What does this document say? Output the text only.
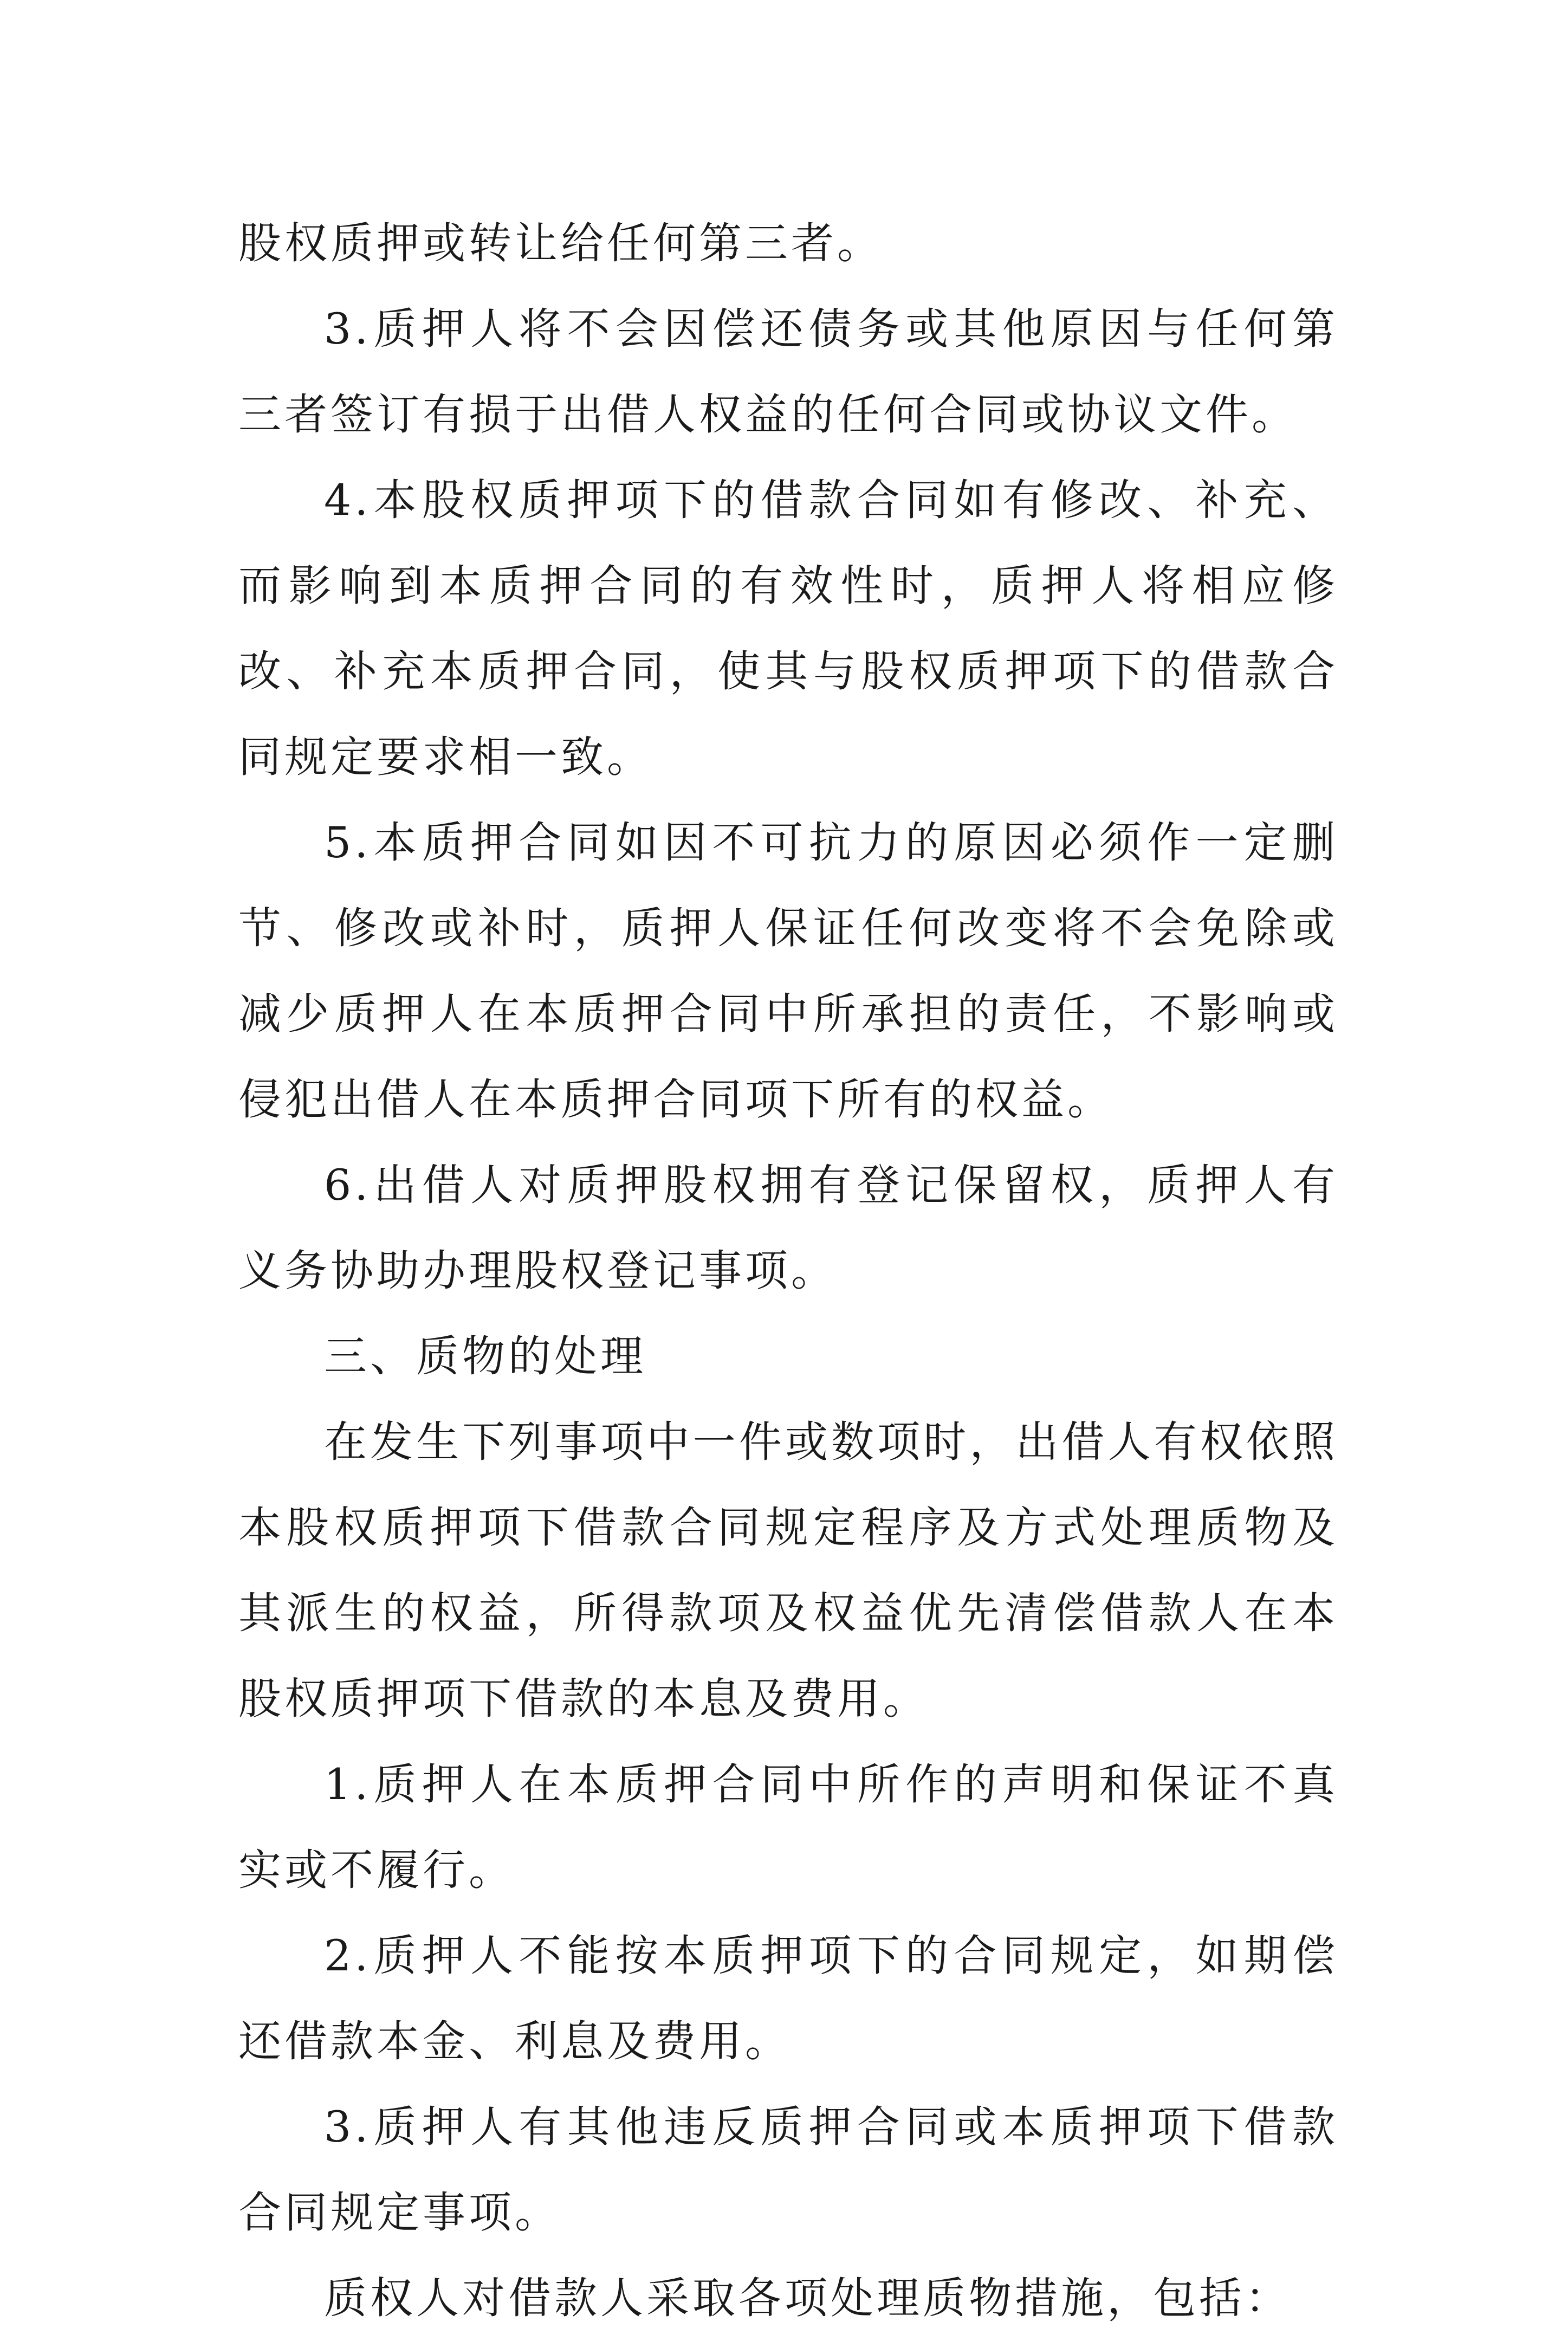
股权质押或转让给任何第三者。

3.质押人将不会因偿还债务或其他原因与任何第三者签订有损于出借人权益的任何合同或协议文件。

4.本股权质押项下的借款合同如有修改、补充、而影响到本质押合同的有效性时，质押人将相应修改、补充本质押合同，使其与股权质押项下的借款合同规定要求相一致。

5.本质押合同如因不可抗力的原因必须作一定删节、修改或补时，质押人保证任何改变将不会免除或减少质押人在本质押合同中所承担的责任，不影响或侵犯出借人在本质押合同项下所有的权益。

6.出借人对质押股权拥有登记保留权，质押人有义务协助办理股权登记事项。

三、质物的处理

在发生下列事项中一件或数项时，出借人有权依照本股权质押项下借款合同规定程序及方式处理质物及其派生的权益，所得款项及权益优先清偿借款人在本股权质押项下借款的本息及费用。

1.质押人在本质押合同中所作的声明和保证不真实或不履行。

2.质押人不能按本质押项下的合同规定，如期偿还借款本金、利息及费用。

3.质押人有其他违反质押合同或本质押项下借款合同规定事项。

质权人对借款人采取各项处理质物措施，包括：
